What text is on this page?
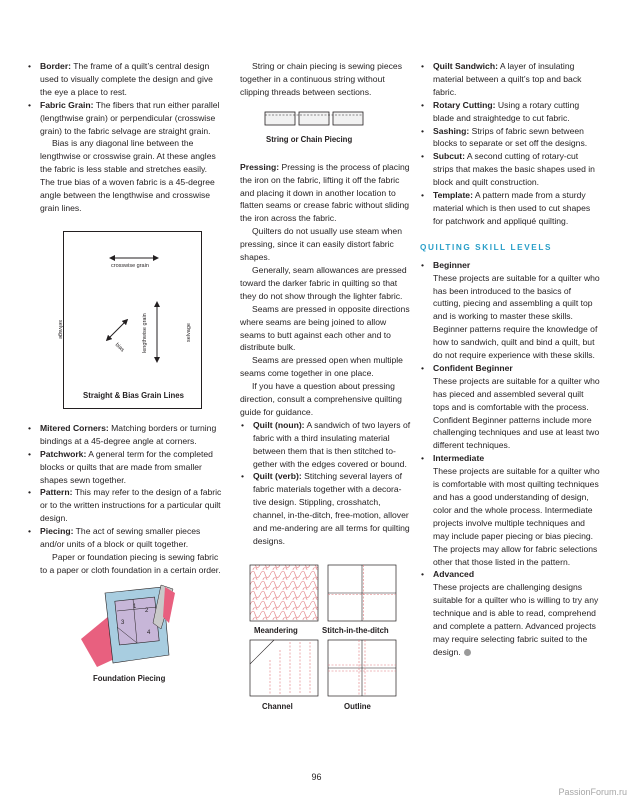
• Border: The frame of a quilt’s central design used to visually complete the design and give the eye a place to rest.

• Fabric Grain: The fibers that run either parallel (lengthwise grain) or perpendicular (crosswise grain) to the fabric selvage are straight grain.

Bias is any diagonal line between the lengthwise or crosswise grain. At these angles the fabric is less stable and stretches easily. The true bias of a woven fabric is a 45-degree angle between the lengthwise and crosswise grain lines.

crosswise grain
selvage	selvage
lengthwise grain
bias
Straight & Bias Grain Lines

• Mitered Corners: Matching borders or turning bindings at a 45-degree angle at corners.

• Patchwork: A general term for the completed blocks or quilts that are made from smaller shapes sewn together.

• Pattern: This may refer to the design of a fabric or to the written instructions for a particular quilt design.

• Piecing: The act of sewing smaller pieces and/or units of a block or quilt together.

Paper or foundation piecing is sewing fabric to a paper or cloth foundation in a certain order.

1
2
3
4
Foundation Piecing

String or chain piecing is sewing pieces together in a continuous string without clipping threads between sections.

String or Chain Piecing

Pressing: Pressing is the process of placing the iron on the fabric, lifting it off the fabric and placing it down in another location to flatten seams or crease fabric without sliding the iron across the fabric.

Quilters do not usually use steam when pressing, since it can easily distort fabric shapes.

Generally, seam allowances are pressed toward the darker fabric in quilting so that they do not show through the lighter fabric.

Seams are pressed in opposite directions where seams are being joined to allow seams to butt against each other and to distribute bulk.

Seams are pressed open when multiple seams come together in one place.

If you have a question about pressing direction, consult a comprehensive quilting guide for guidance.

• Quilt (noun): A sandwich of two layers of fabric with a third insulating material between them that is then stitched to-gether with the edges covered or bound.

• Quilt (verb): Stitching several layers of fabric materials together with a decora-tive design. Stippling, crosshatch, channel, in-the-ditch, free-motion, allover and me-andering are all terms for quilting designs.

Meandering	Stitch-in-the-ditch
Channel	Outline

• Quilt Sandwich: A layer of insulating material between a quilt’s top and back fabric.

• Rotary Cutting: Using a rotary cutting blade and straightedge to cut fabric.

• Sashing: Strips of fabric sewn between blocks to separate or set off the designs.

• Subcut: A second cutting of rotary-cut strips that makes the basic shapes used in block and quilt construction.

• Template: A pattern made from a sturdy material which is then used to cut shapes for patchwork and appliqué quilting.

QUILTING SKILL LEVELS

• Beginner

These projects are suitable for a quilter who has been introduced to the basics of cutting, piecing and assembling a quilt top and is working to master these skills. Beginner patterns require the knowledge of how to sandwich, quilt and bind a quilt, but do not require experience with these skills.

• Confident Beginner

These projects are suitable for a quilter who has pieced and assembled several quilt tops and is comfortable with the process. Confident Beginner patterns include more challenging techniques and use at least two different techniques.

• Intermediate

These projects are suitable for a quilter who is comfortable with most quilting techniques and has a good understanding of design, color and the whole process. Intermediate projects involve multiple techniques and may include paper piecing or bias piecing. The projects may allow for fabric selections other that those listed in the pattern.

• Advanced

These projects are challenging designs suitable for a quilter who is willing to try any technique and is able to read, comprehend and complete a pattern. Advanced projects may require selecting fabric suited to the design.

96
PassionForum.ru
